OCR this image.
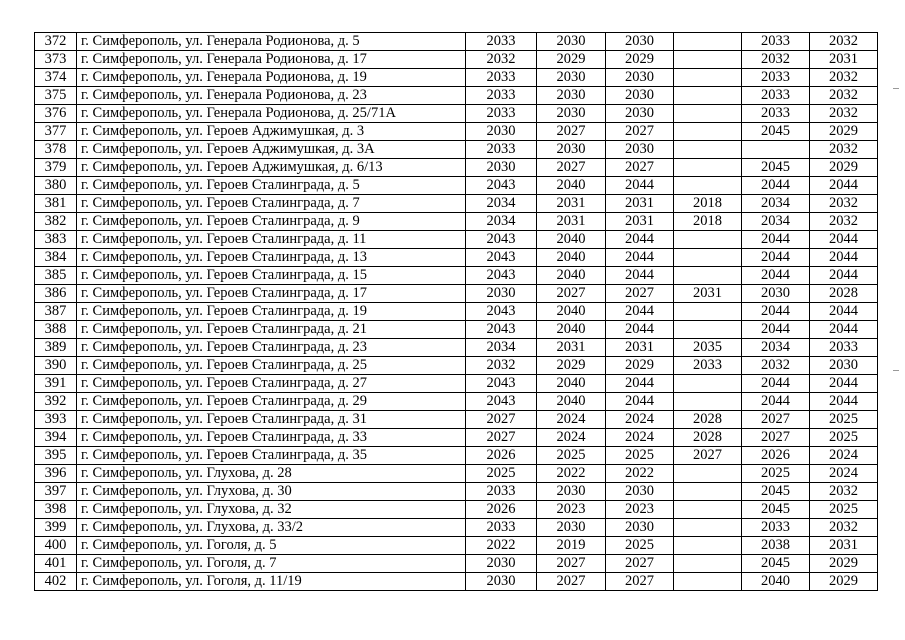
372	г. Симферополь, ул. Генерала Родионова, д. 5	2033	2030	2030		2033	2032
373	г. Симферополь, ул. Генерала Родионова, д. 17	2032	2029	2029		2032	2031
374	г. Симферополь, ул. Генерала Родионова, д. 19	2033	2030	2030		2033	2032
375	г. Симферополь, ул. Генерала Родионова, д. 23	2033	2030	2030		2033	2032
376	г. Симферополь, ул. Генерала Родионова, д. 25/71А	2033	2030	2030		2033	2032
377	г. Симферополь, ул. Героев Аджимушкая, д. 3	2030	2027	2027		2045	2029
378	г. Симферополь, ул. Героев Аджимушкая, д. 3А	2033	2030	2030			2032
379	г. Симферополь, ул. Героев Аджимушкая, д. 6/13	2030	2027	2027		2045	2029
380	г. Симферополь, ул. Героев Сталинграда, д. 5	2043	2040	2044		2044	2044
381	г. Симферополь, ул. Героев Сталинграда, д. 7	2034	2031	2031	2018	2034	2032
382	г. Симферополь, ул. Героев Сталинграда, д. 9	2034	2031	2031	2018	2034	2032
383	г. Симферополь, ул. Героев Сталинграда, д. 11	2043	2040	2044		2044	2044
384	г. Симферополь, ул. Героев Сталинграда, д. 13	2043	2040	2044		2044	2044
385	г. Симферополь, ул. Героев Сталинграда, д. 15	2043	2040	2044		2044	2044
386	г. Симферополь, ул. Героев Сталинграда, д. 17	2030	2027	2027	2031	2030	2028
387	г. Симферополь, ул. Героев Сталинграда, д. 19	2043	2040	2044		2044	2044
388	г. Симферополь, ул. Героев Сталинграда, д. 21	2043	2040	2044		2044	2044
389	г. Симферополь, ул. Героев Сталинграда, д. 23	2034	2031	2031	2035	2034	2033
390	г. Симферополь, ул. Героев Сталинграда, д. 25	2032	2029	2029	2033	2032	2030
391	г. Симферополь, ул. Героев Сталинграда, д. 27	2043	2040	2044		2044	2044
392	г. Симферополь, ул. Героев Сталинграда, д. 29	2043	2040	2044		2044	2044
393	г. Симферополь, ул. Героев Сталинграда, д. 31	2027	2024	2024	2028	2027	2025
394	г. Симферополь, ул. Героев Сталинграда, д. 33	2027	2024	2024	2028	2027	2025
395	г. Симферополь, ул. Героев Сталинграда, д. 35	2026	2025	2025	2027	2026	2024
396	г. Симферополь, ул. Глухова, д. 28	2025	2022	2022		2025	2024
397	г. Симферополь, ул. Глухова, д. 30	2033	2030	2030		2045	2032
398	г. Симферополь, ул. Глухова, д. 32	2026	2023	2023		2045	2025
399	г. Симферополь, ул. Глухова, д. 33/2	2033	2030	2030		2033	2032
400	г. Симферополь, ул. Гоголя, д. 5	2022	2019	2025		2038	2031
401	г. Симферополь, ул. Гоголя, д. 7	2030	2027	2027		2045	2029
402	г. Симферополь, ул. Гоголя, д. 11/19	2030	2027	2027		2040	2029
